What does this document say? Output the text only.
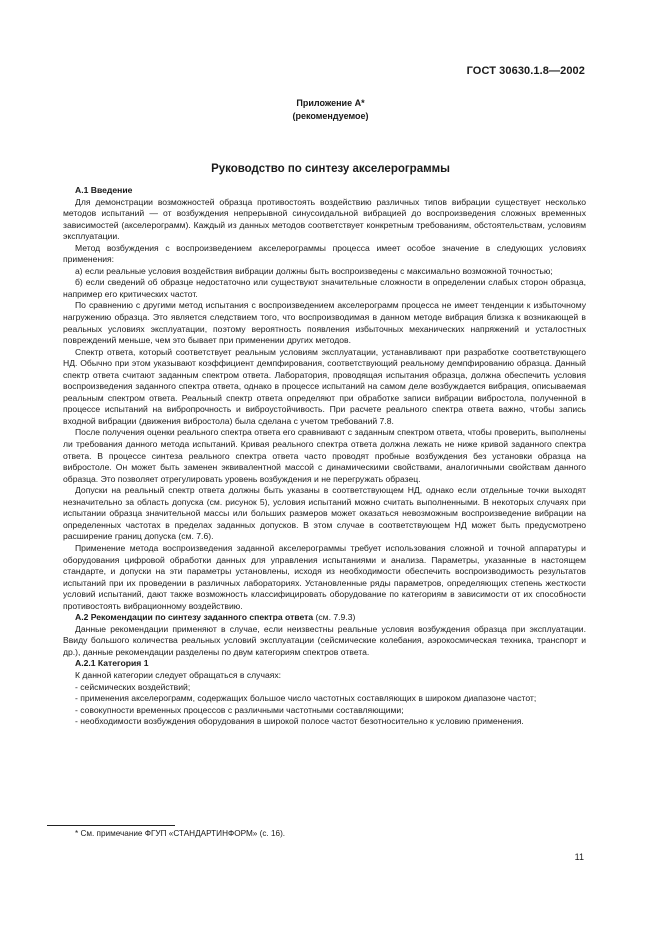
ГОСТ 30630.1.8—2002
Приложение А*
(рекомендуемое)
Руководство по синтезу акселерограммы

А.1 Введение

Для демонстрации возможностей образца противостоять воздействию различных типов вибрации существует несколько методов испытаний — от возбуждения непрерывной синусоидальной вибрацией до воспроизведения сложных временных зависимостей (акселерограмм). Каждый из данных методов соответствует конкретным требованиям, обстоятельствам, условиям эксплуатации.

Метод возбуждения с воспроизведением акселерограммы процесса имеет особое значение в следующих условиях применения:

а) если реальные условия воздействия вибрации должны быть воспроизведены с максимально возможной точностью;

б) если сведений об образце недостаточно или существуют значительные сложности в определении слабых сторон образца, например его критических частот.

По сравнению с другими метод испытания с воспроизведением акселерограмм процесса не имеет тенденции к избыточному нагружению образца. Это является следствием того, что воспроизводимая в данном методе вибрация близка к возникающей в реальных условиях эксплуатации, поэтому вероятность появления избыточных механических напряжений и усталостных повреждений меньше, чем это бывает при применении других методов.

Спектр ответа, который соответствует реальным условиям эксплуатации, устанавливают при разработке соответствующего НД. Обычно при этом указывают коэффициент демпфирования, соответствующий реальному демпфированию образца. Данный спектр ответа считают заданным спектром ответа. Лаборатория, проводящая испытания образца, должна обеспечить условия воспроизведения заданного спектра ответа, однако в процессе испытаний на самом деле возбуждается вибрация, описываемая реальным спектром ответа. Реальный спектр ответа определяют при обработке записи вибрации вибростола, полученной в процессе испытаний на вибропрочность и виброустойчивость. При расчете реального спектра ответа важно, чтобы запись входной вибрации (движения вибростола) была сделана с учетом требований 7.8.

После получения оценки реального спектра ответа его сравнивают с заданным спектром ответа, чтобы проверить, выполнены ли требования данного метода испытаний. Кривая реального спектра ответа должна лежать не ниже кривой заданного спектра ответа. В процессе синтеза реального спектра ответа часто проводят пробные возбуждения без установки образца на вибростоле. Он может быть заменен эквивалентной массой с динамическими свойствами, аналогичными свойствам данного образца. Это позволяет отрегулировать уровень возбуждения и не перегружать образец.

Допуски на реальный спектр ответа должны быть указаны в соответствующем НД, однако если отдельные точки выходят незначительно за область допуска (см. рисунок 5), условия испытаний можно считать выполненными. В некоторых случаях при испытании образца значительной массы или больших размеров может оказаться невозможным воспроизведение вибрации на определенных частотах в пределах заданных допусков. В этом случае в соответствующем НД может быть предусмотрено расширение границ допуска (см. 7.6).

Применение метода воспроизведения заданной акселерограммы требует использования сложной и точной аппаратуры и оборудования цифровой обработки данных для управления испытаниями и анализа. Параметры, указанные в настоящем стандарте, и допуски на эти параметры установлены, исходя из необходимости обеспечить воспроизводимость результатов испытаний при их проведении в различных лабораториях. Установленные ряды параметров, определяющих степень жесткости условий испытаний, дают также возможность классифицировать оборудование по категориям в зависимости от их способности противостоять вибрационному воздействию.

А.2 Рекомендации по синтезу заданного спектра ответа (см. 7.9.3)

Данные рекомендации применяют в случае, если неизвестны реальные условия возбуждения образца при эксплуатации. Ввиду большого количества реальных условий эксплуатации (сейсмические колебания, аэрокосмическая техника, транспорт и др.), данные рекомендации разделены по двум категориям спектров ответа.

А.2.1 Категория 1

К данной категории следует обращаться в случаях:

- сейсмических воздействий;

- применения акселерограмм, содержащих большое число частотных составляющих в широком диапазоне частот;

- совокупности временных процессов с различными частотными составляющими;

- необходимости возбуждения оборудования в широкой полосе частот безотносительно к условию применения.

* См. примечание ФГУП «СТАНДАРТИНФОРМ» (с. 16).
11
